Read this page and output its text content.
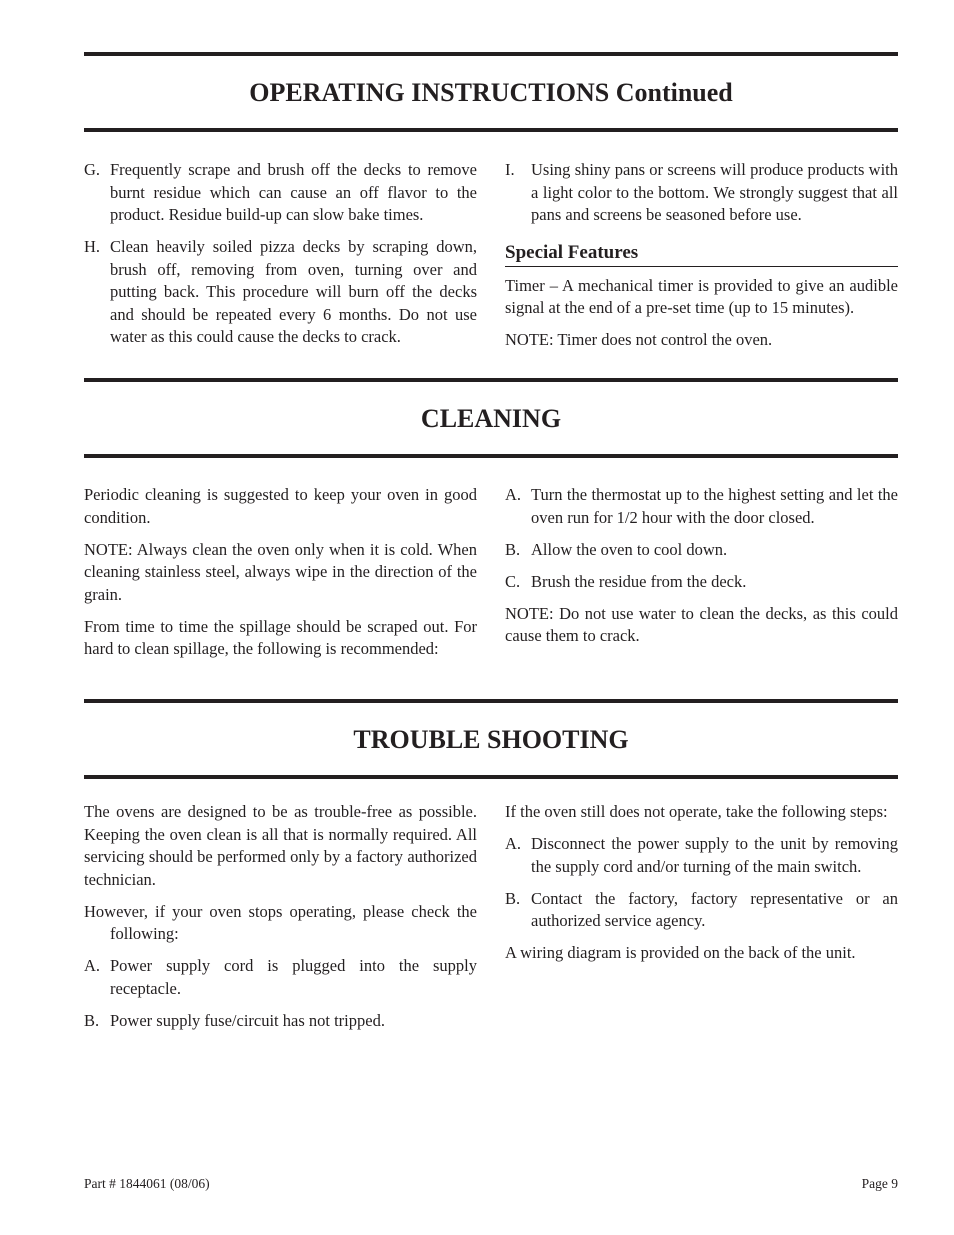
OPERATING INSTRUCTIONS Continued
G. Frequently scrape and brush off the decks to remove burnt residue which can cause an off flavor to the product. Residue build-up can slow bake times.
H. Clean heavily soiled pizza decks by scraping down, brush off, removing from oven, turning over and putting back. This procedure will burn off the decks and should be repeated every 6 months. Do not use water as this could cause the decks to crack.
I. Using shiny pans or screens will produce products with a light color to the bottom. We strongly suggest that all pans and screens be seasoned before use.
Special Features

Timer – A mechanical timer is provided to give an audible signal at the end of a pre-set time (up to 15 minutes).

NOTE: Timer does not control the oven.

CLEANING

Periodic cleaning is suggested to keep your oven in good condition.

NOTE: Always clean the oven only when it is cold. When cleaning stainless steel, always wipe in the direction of the grain.

From time to time the spillage should be scraped out. For hard to clean spillage, the following is recommended:

A. Turn the thermostat up to the highest setting and let the oven run for 1/2 hour with the door closed.
B. Allow the oven to cool down.
C. Brush the residue from the deck.

NOTE: Do not use water to clean the decks, as this could cause them to crack.

TROUBLE SHOOTING

The ovens are designed to be as trouble-free as possible. Keeping the oven clean is all that is normally required. All servicing should be performed only by a factory authorized technician.

However, if your oven stops operating, please check the following:

A. Power supply cord is plugged into the supply receptacle.
B. Power supply fuse/circuit has not tripped.

If the oven still does not operate, take the following steps:

A. Disconnect the power supply to the unit by removing the supply cord and/or turning of the main switch.
B. Contact the factory, factory representative or an authorized service agency.

A wiring diagram is provided on the back of the unit.

Part # 1844061 (08/06)	Page 9
